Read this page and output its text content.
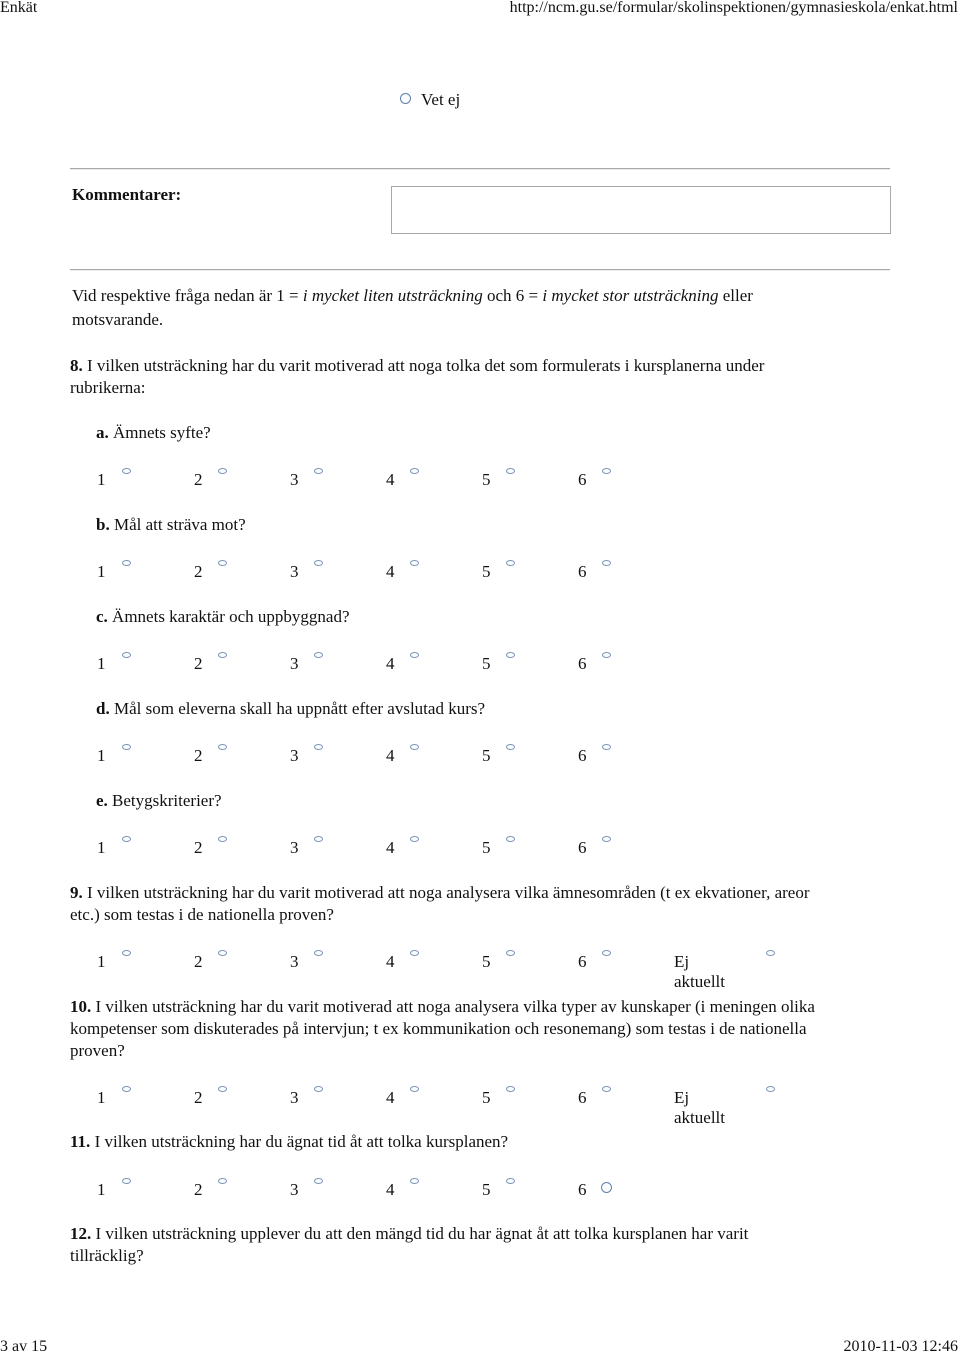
Enkät	http://ncm.gu.se/formular/skolinspektionen/gymnasieskola/enkat.html
Vet ej
Kommentarer:
Vid respektive fråga nedan är 1 = i mycket liten utsträckning och 6 = i mycket stor utsträckning eller
motsvarande.
8. I vilken utsträckning har du varit motiverad att noga tolka det som formulerats i kursplanerna under
rubrikerna:
a. Ämnets syfte?
1	2	3	4	5	6
b. Mål att sträva mot?
1	2	3	4	5	6
c. Ämnets karaktär och uppbyggnad?
1	2	3	4	5	6
d. Mål som eleverna skall ha uppnått efter avslutad kurs?
1	2	3	4	5	6
e. Betygskriterier?
1	2	3	4	5	6
9. I vilken utsträckning har du varit motiverad att noga analysera vilka ämnesområden (t ex ekvationer, areor
etc.) som testas i de nationella proven?
1	2	3	4	5	6	Ej aktuellt
10. I vilken utsträckning har du varit motiverad att noga analysera vilka typer av kunskaper (i meningen olika
kompetenser som diskuterades på intervjun; t ex kommunikation och resonemang) som testas i de nationella
proven?
1	2	3	4	5	6	Ej aktuellt
11. I vilken utsträckning har du ägnat tid åt att tolka kursplanen?
1	2	3	4	5	6
12. I vilken utsträckning upplever du att den mängd tid du har ägnat åt att tolka kursplanen har varit
tillräcklig?
3 av 15	2010-11-03 12:46
